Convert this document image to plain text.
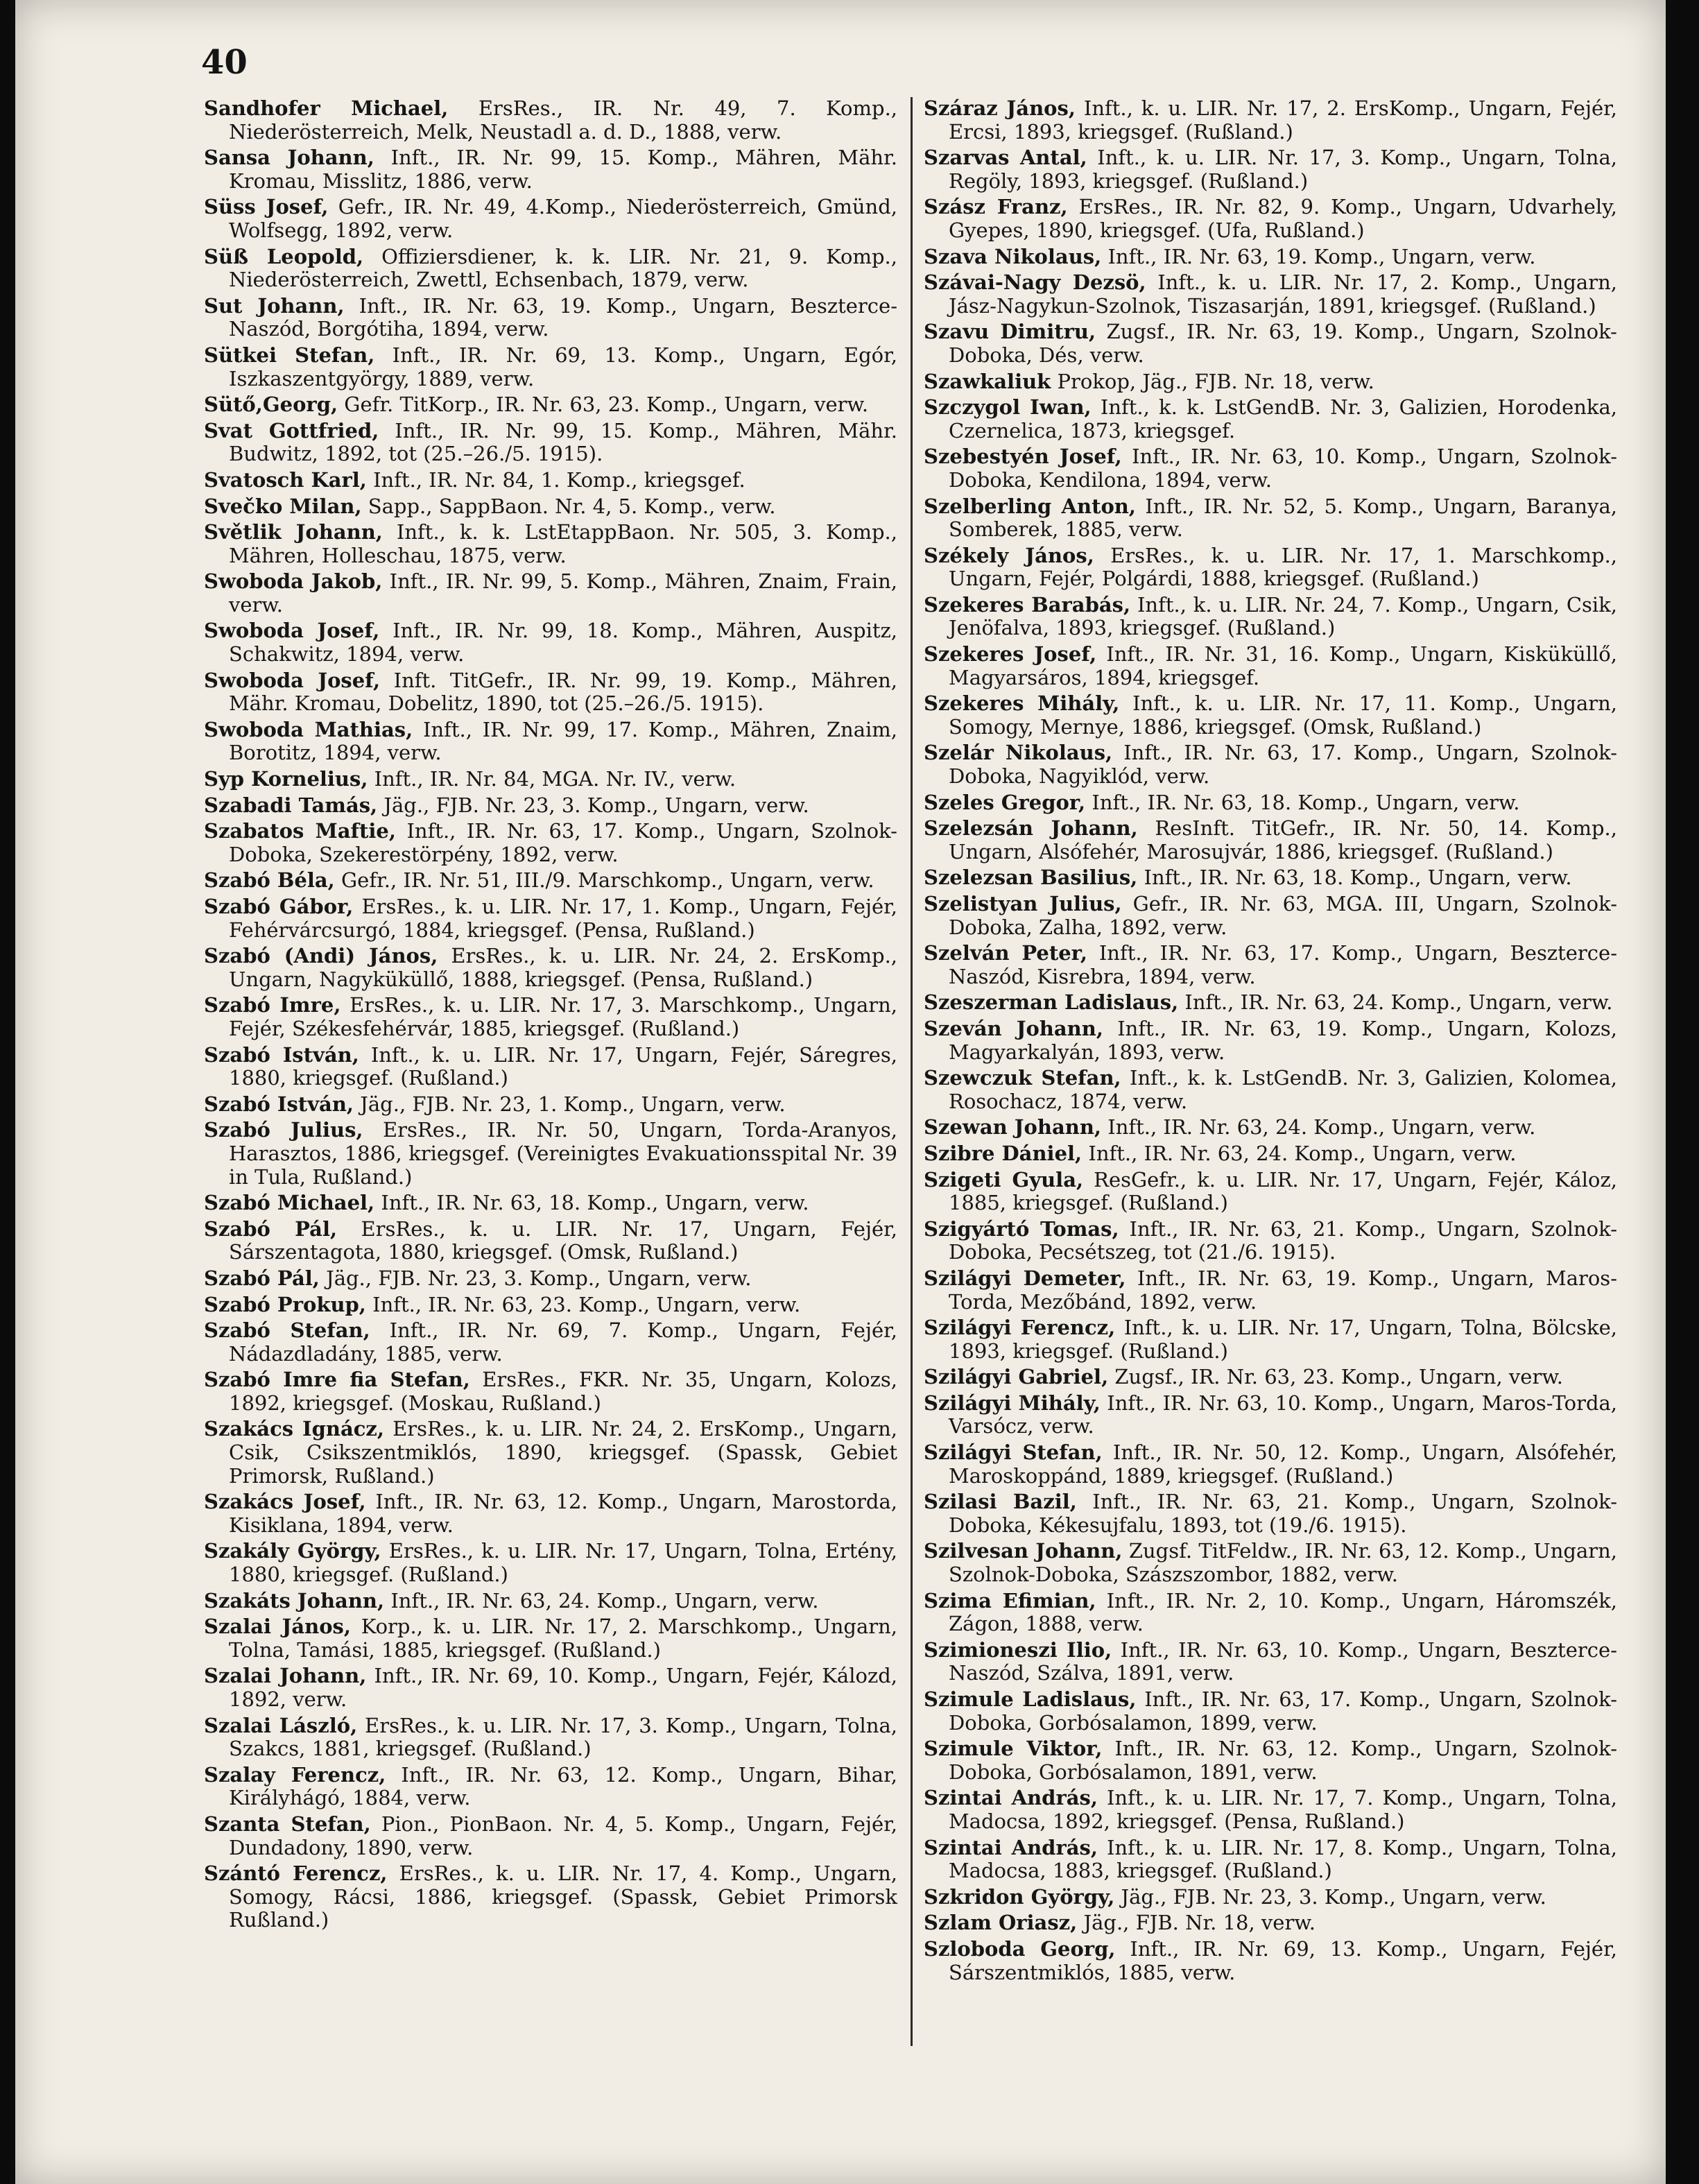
40

Sandhofer Michael, ErsRes., IR. Nr. 49, 7. Komp., Niederösterreich, Melk, Neustadl a. d. D., 1888, verw.

Sansa Johann, Inft., IR. Nr. 99, 15. Komp., Mähren, Mähr. Kromau, Misslitz, 1886, verw.

Süss Josef, Gefr., IR. Nr. 49, 4.Komp., Niederösterreich, Gmünd, Wolfsegg, 1892, verw.

Süß Leopold, Offiziersdiener, k. k. LIR. Nr. 21, 9. Komp., Niederösterreich, Zwettl, Echsenbach, 1879, verw.

Sut Johann, Inft., IR. Nr. 63, 19. Komp., Ungarn, Beszterce-Naszód, Borgótiha, 1894, verw.

Sütkei Stefan, Inft., IR. Nr. 69, 13. Komp., Ungarn, Egór, Iszkaszentgyörgy, 1889, verw.

Sütő,Georg, Gefr. TitKorp., IR. Nr. 63, 23. Komp., Ungarn, verw.

Svat Gottfried, Inft., IR. Nr. 99, 15. Komp., Mähren, Mähr. Budwitz, 1892, tot (25.–26./5. 1915).

Svatosch Karl, Inft., IR. Nr. 84, 1. Komp., kriegsgef.

Svečko Milan, Sapp., SappBaon. Nr. 4, 5. Komp., verw.

Světlik Johann, Inft., k. k. LstEtappBaon. Nr. 505, 3. Komp., Mähren, Holleschau, 1875, verw.

Swoboda Jakob, Inft., IR. Nr. 99, 5. Komp., Mähren, Znaim, Frain, verw.

Swoboda Josef, Inft., IR. Nr. 99, 18. Komp., Mähren, Auspitz, Schakwitz, 1894, verw.

Swoboda Josef, Inft. TitGefr., IR. Nr. 99, 19. Komp., Mähren, Mähr. Kromau, Dobelitz, 1890, tot (25.–26./5. 1915).

Swoboda Mathias, Inft., IR. Nr. 99, 17. Komp., Mähren, Znaim, Borotitz, 1894, verw.

Syp Kornelius, Inft., IR. Nr. 84, MGA. Nr. IV., verw.

Szabadi Tamás, Jäg., FJB. Nr. 23, 3. Komp., Ungarn, verw.

Szabatos Maftie, Inft., IR. Nr. 63, 17. Komp., Ungarn, Szolnok-Doboka, Szekerestörpény, 1892, verw.

Szabó Béla, Gefr., IR. Nr. 51, III./9. Marschkomp., Ungarn, verw.

Szabó Gábor, ErsRes., k. u. LIR. Nr. 17, 1. Komp., Ungarn, Fejér, Fehérvárcsurgó, 1884, kriegsgef. (Pensa, Rußland.)

Szabó (Andi) János, ErsRes., k. u. LIR. Nr. 24, 2. ErsKomp., Ungarn, Nagyküküllő, 1888, kriegsgef. (Pensa, Rußland.)

Szabó Imre, ErsRes., k. u. LIR. Nr. 17, 3. Marschkomp., Ungarn, Fejér, Székesfehérvár, 1885, kriegsgef. (Rußland.)

Szabó István, Inft., k. u. LIR. Nr. 17, Ungarn, Fejér, Sáregres, 1880, kriegsgef. (Rußland.)

Szabó István, Jäg., FJB. Nr. 23, 1. Komp., Ungarn, verw.

Szabó Julius, ErsRes., IR. Nr. 50, Ungarn, Torda-Aranyos, Harasztos, 1886, kriegsgef. (Vereinigtes Evakuationsspital Nr. 39 in Tula, Rußland.)

Szabó Michael, Inft., IR. Nr. 63, 18. Komp., Ungarn, verw.

Szabó Pál, ErsRes., k. u. LIR. Nr. 17, Ungarn, Fejér, Sárszentagota, 1880, kriegsgef. (Omsk, Rußland.)

Szabó Pál, Jäg., FJB. Nr. 23, 3. Komp., Ungarn, verw.

Szabó Prokup, Inft., IR. Nr. 63, 23. Komp., Ungarn, verw.

Szabó Stefan, Inft., IR. Nr. 69, 7. Komp., Ungarn, Fejér, Nádazdladány, 1885, verw.

Szabó Imre fia Stefan, ErsRes., FKR. Nr. 35, Ungarn, Kolozs, 1892, kriegsgef. (Moskau, Rußland.)

Szakács Ignácz, ErsRes., k. u. LIR. Nr. 24, 2. ErsKomp., Ungarn, Csik, Csikszentmiklós, 1890, kriegsgef. (Spassk, Gebiet Primorsk, Rußland.)

Szakács Josef, Inft., IR. Nr. 63, 12. Komp., Ungarn, Marostorda, Kisiklana, 1894, verw.

Szakály György, ErsRes., k. u. LIR. Nr. 17, Ungarn, Tolna, Ertény, 1880, kriegsgef. (Rußland.)

Szakáts Johann, Inft., IR. Nr. 63, 24. Komp., Ungarn, verw.

Szalai János, Korp., k. u. LIR. Nr. 17, 2. Marschkomp., Ungarn, Tolna, Tamási, 1885, kriegsgef. (Rußland.)

Szalai Johann, Inft., IR. Nr. 69, 10. Komp., Ungarn, Fejér, Kálozd, 1892, verw.

Szalai László, ErsRes., k. u. LIR. Nr. 17, 3. Komp., Ungarn, Tolna, Szakcs, 1881, kriegsgef. (Rußland.)

Szalay Ferencz, Inft., IR. Nr. 63, 12. Komp., Ungarn, Bihar, Királyhágó, 1884, verw.

Szanta Stefan, Pion., PionBaon. Nr. 4, 5. Komp., Ungarn, Fejér, Dundadony, 1890, verw.

Szántó Ferencz, ErsRes., k. u. LIR. Nr. 17, 4. Komp., Ungarn, Somogy, Rácsi, 1886, kriegsgef. (Spassk, Gebiet Primorsk Rußland.)

Száraz János, Inft., k. u. LIR. Nr. 17, 2. ErsKomp., Ungarn, Fejér, Ercsi, 1893, kriegsgef. (Rußland.)

Szarvas Antal, Inft., k. u. LIR. Nr. 17, 3. Komp., Ungarn, Tolna, Regöly, 1893, kriegsgef. (Rußland.)

Szász Franz, ErsRes., IR. Nr. 82, 9. Komp., Ungarn, Udvarhely, Gyepes, 1890, kriegsgef. (Ufa, Rußland.)

Szava Nikolaus, Inft., IR. Nr. 63, 19. Komp., Ungarn, verw.

Szávai-Nagy Dezsö, Inft., k. u. LIR. Nr. 17, 2. Komp., Ungarn, Jász-Nagykun-Szolnok, Tiszasarján, 1891, kriegsgef. (Rußland.)

Szavu Dimitru, Zugsf., IR. Nr. 63, 19. Komp., Ungarn, Szolnok-Doboka, Dés, verw.

Szawkaliuk Prokop, Jäg., FJB. Nr. 18, verw.

Szczygol Iwan, Inft., k. k. LstGendB. Nr. 3, Galizien, Horodenka, Czernelica, 1873, kriegsgef.

Szebestyén Josef, Inft., IR. Nr. 63, 10. Komp., Ungarn, Szolnok-Doboka, Kendilona, 1894, verw.

Szelberling Anton, Inft., IR. Nr. 52, 5. Komp., Ungarn, Baranya, Somberek, 1885, verw.

Székely János, ErsRes., k. u. LIR. Nr. 17, 1. Marschkomp., Ungarn, Fejér, Polgárdi, 1888, kriegsgef. (Rußland.)

Szekeres Barabás, Inft., k. u. LIR. Nr. 24, 7. Komp., Ungarn, Csik, Jenöfalva, 1893, kriegsgef. (Rußland.)

Szekeres Josef, Inft., IR. Nr. 31, 16. Komp., Ungarn, Kisküküllő, Magyarsáros, 1894, kriegsgef.

Szekeres Mihály, Inft., k. u. LIR. Nr. 17, 11. Komp., Ungarn, Somogy, Mernye, 1886, kriegsgef. (Omsk, Rußland.)

Szelár Nikolaus, Inft., IR. Nr. 63, 17. Komp., Ungarn, Szolnok-Doboka, Nagyiklód, verw.

Szeles Gregor, Inft., IR. Nr. 63, 18. Komp., Ungarn, verw.

Szelezsán Johann, ResInft. TitGefr., IR. Nr. 50, 14. Komp., Ungarn, Alsófehér, Marosujvár, 1886, kriegsgef. (Rußland.)

Szelezsan Basilius, Inft., IR. Nr. 63, 18. Komp., Ungarn, verw.

Szelistyan Julius, Gefr., IR. Nr. 63, MGA. III, Ungarn, Szolnok-Doboka, Zalha, 1892, verw.

Szelván Peter, Inft., IR. Nr. 63, 17. Komp., Ungarn, Beszterce-Naszód, Kisrebra, 1894, verw.

Szeszerman Ladislaus, Inft., IR. Nr. 63, 24. Komp., Ungarn, verw.

Szeván Johann, Inft., IR. Nr. 63, 19. Komp., Ungarn, Kolozs, Magyarkalyán, 1893, verw.

Szewczuk Stefan, Inft., k. k. LstGendB. Nr. 3, Galizien, Kolomea, Rosochacz, 1874, verw.

Szewan Johann, Inft., IR. Nr. 63, 24. Komp., Ungarn, verw.

Szibre Dániel, Inft., IR. Nr. 63, 24. Komp., Ungarn, verw.

Szigeti Gyula, ResGefr., k. u. LIR. Nr. 17, Ungarn, Fejér, Káloz, 1885, kriegsgef. (Rußland.)

Szigyártó Tomas, Inft., IR. Nr. 63, 21. Komp., Ungarn, Szolnok-Doboka, Pecsétszeg, tot (21./6. 1915).

Szilágyi Demeter, Inft., IR. Nr. 63, 19. Komp., Ungarn, Maros-Torda, Mezőbánd, 1892, verw.

Szilágyi Ferencz, Inft., k. u. LIR. Nr. 17, Ungarn, Tolna, Bölcske, 1893, kriegsgef. (Rußland.)

Szilágyi Gabriel, Zugsf., IR. Nr. 63, 23. Komp., Ungarn, verw.

Szilágyi Mihály, Inft., IR. Nr. 63, 10. Komp., Ungarn, Maros-Torda, Varsócz, verw.

Szilágyi Stefan, Inft., IR. Nr. 50, 12. Komp., Ungarn, Alsófehér, Maroskoppánd, 1889, kriegsgef. (Rußland.)

Szilasi Bazil, Inft., IR. Nr. 63, 21. Komp., Ungarn, Szolnok-Doboka, Kékesujfalu, 1893, tot (19./6. 1915).

Szilvesan Johann, Zugsf. TitFeldw., IR. Nr. 63, 12. Komp., Ungarn, Szolnok-Doboka, Szászszombor, 1882, verw.

Szima Efimian, Inft., IR. Nr. 2, 10. Komp., Ungarn, Háromszék, Zágon, 1888, verw.

Szimioneszi Ilio, Inft., IR. Nr. 63, 10. Komp., Ungarn, Beszterce-Naszód, Szálva, 1891, verw.

Szimule Ladislaus, Inft., IR. Nr. 63, 17. Komp., Ungarn, Szolnok-Doboka, Gorbósalamon, 1899, verw.

Szimule Viktor, Inft., IR. Nr. 63, 12. Komp., Ungarn, Szolnok-Doboka, Gorbósalamon, 1891, verw.

Szintai András, Inft., k. u. LIR. Nr. 17, 7. Komp., Ungarn, Tolna, Madocsa, 1892, kriegsgef. (Pensa, Rußland.)

Szintai András, Inft., k. u. LIR. Nr. 17, 8. Komp., Ungarn, Tolna, Madocsa, 1883, kriegsgef. (Rußland.)

Szkridon György, Jäg., FJB. Nr. 23, 3. Komp., Ungarn, verw.

Szlam Oriasz, Jäg., FJB. Nr. 18, verw.

Szloboda Georg, Inft., IR. Nr. 69, 13. Komp., Ungarn, Fejér, Sárszentmiklós, 1885, verw.
